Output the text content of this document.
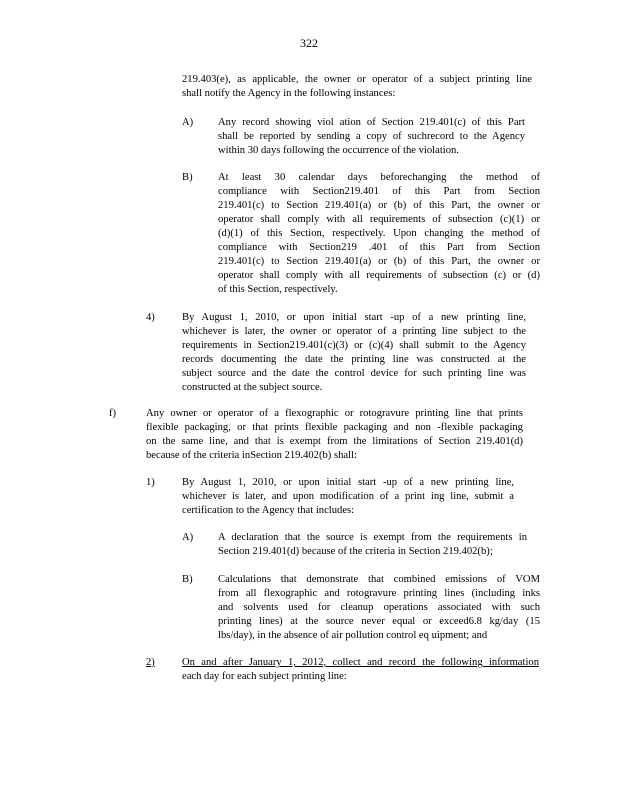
322
219.403(e), as applicable, the owner or operator of a subject printing line
shall notify the Agency in the following instances:
A) Any record showing viol ation of Section 219.401(c) of this Part
shall be reported by sending a copy of suchrecord to the Agency
within 30 days following the occurrence of the violation.
B) At least 30 calendar days beforechanging the method of
compliance with Section219.401 of this Part from Section
219.401(c) to Section 219.401(a) or (b) of this Part, the owner or
operator shall comply with all requirements of subsection (c)(1) or
(d)(1) of this Section, respectively. Upon changing the method of
compliance with Section219 .401 of this Part from Section
219.401(c) to Section 219.401(a) or (b) of this Part, the owner or
operator shall comply with all requirements of subsection (c) or (d)
of this Section, respectively.
4)	By August 1, 2010, or upon initial start -up of a new printing line,
whichever is later, the owner or operator of a printing line subject to the
requirements in Section219.401(c)(3) or (c)(4) shall submit to the Agency
records documenting the date the printing line was constructed at the
subject source and the date the control device for such printing line was
constructed at the subject source.
f)	Any owner or operator of a flexographic or rotogravure printing line that prints
flexible packaging, or that prints flexible packaging and non -flexible packaging
on the same line, and that is exempt from the limitations of Section 219.401(d)
because of the criteria inSection 219.402(b) shall:
1)	By August 1, 2010, or upon initial start -up of a new printing line,
whichever is later, and upon modification of a print ing line, submit a
certification to the Agency that includes:
A) A declaration that the source is exempt from the requirements in
Section 219.401(d) because of the criteria in Section 219.402(b);
B) Calculations that demonstrate that combined emissions of VOM
from all flexographic and rotogravure printing lines (including inks
and solvents used for cleanup operations associated with such
printing lines) at the source never equal or exceed6.8 kg/day (15
lbs/day), in the absence of air pollution control eq uipment; and
2)	On and after January 1, 2012, collect and record the following information
each day for each subject printing line:
